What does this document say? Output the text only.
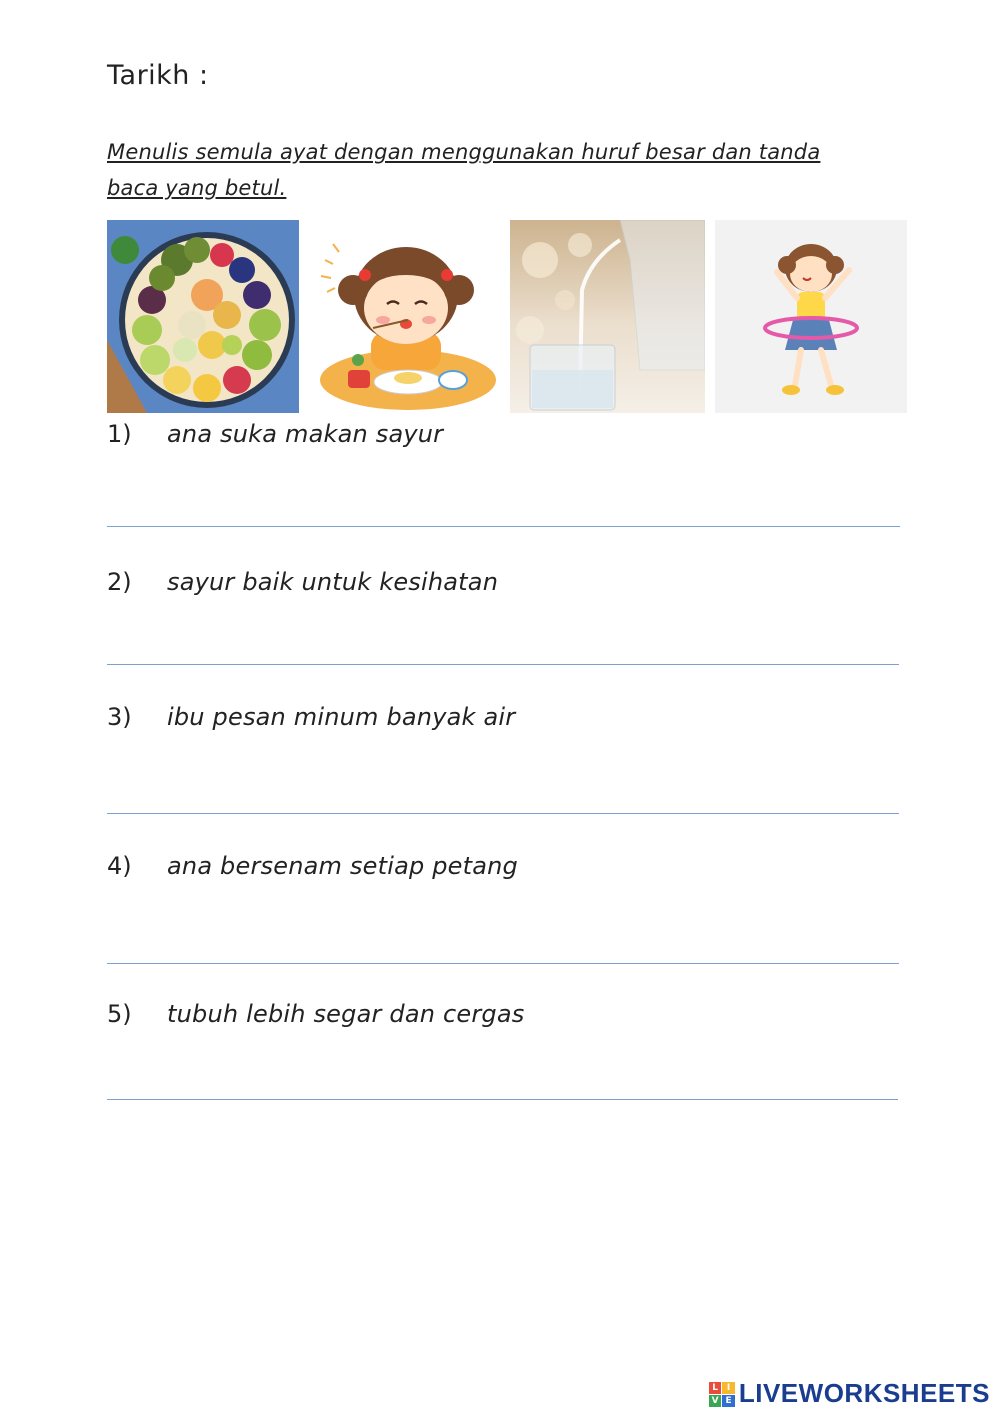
Tarikh :
Menulis semula ayat dengan menggunakan huruf besar dan tanda baca yang betul.
1) ana suka makan sayur
2) sayur baik untuk kesihatan
3) ibu pesan minum banyak air
4) ana bersenam setiap petang
5) tubuh lebih segar dan cergas
L I
V E LIVEWORKSHEETS
